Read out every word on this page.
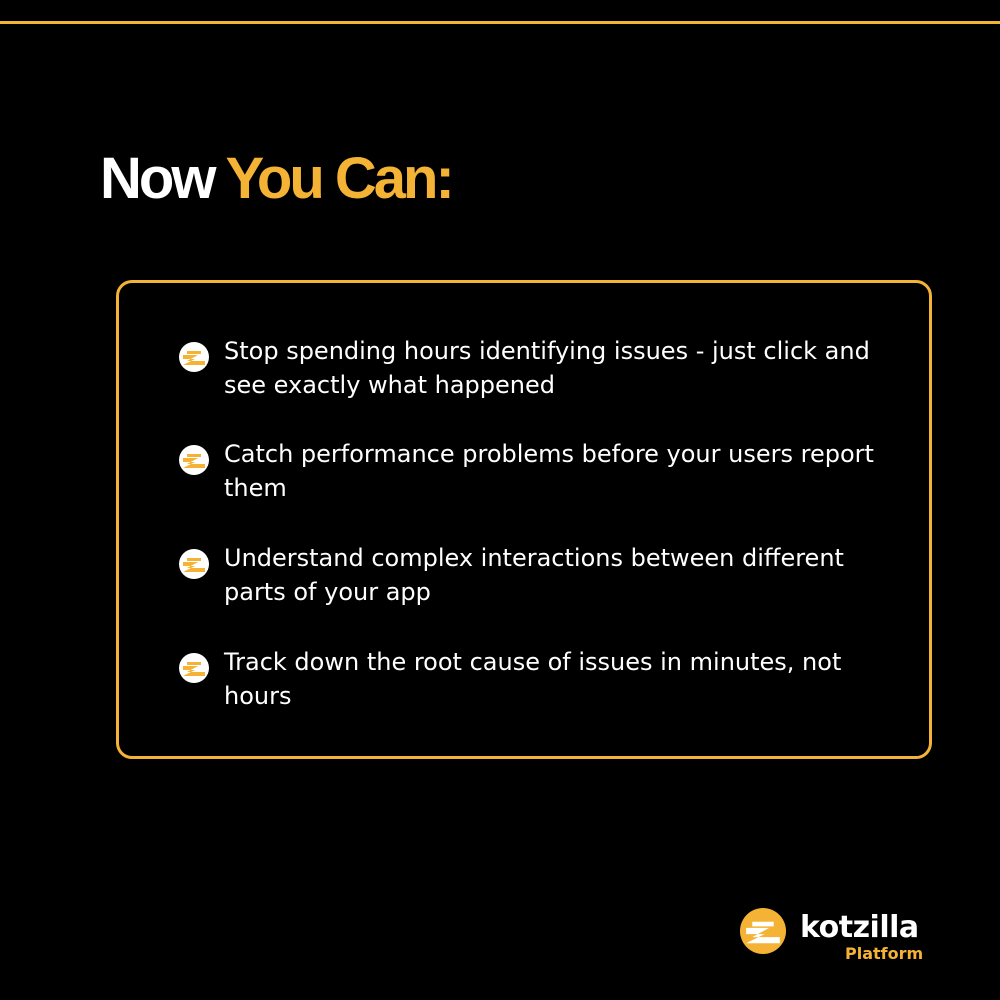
Now You Can:
Stop spending hours identifying issues - just click and see exactly what happened
Catch performance problems before your users report them
Understand complex interactions between different parts of your app
Track down the root cause of issues in minutes, not hours
kotzilla
Platform
